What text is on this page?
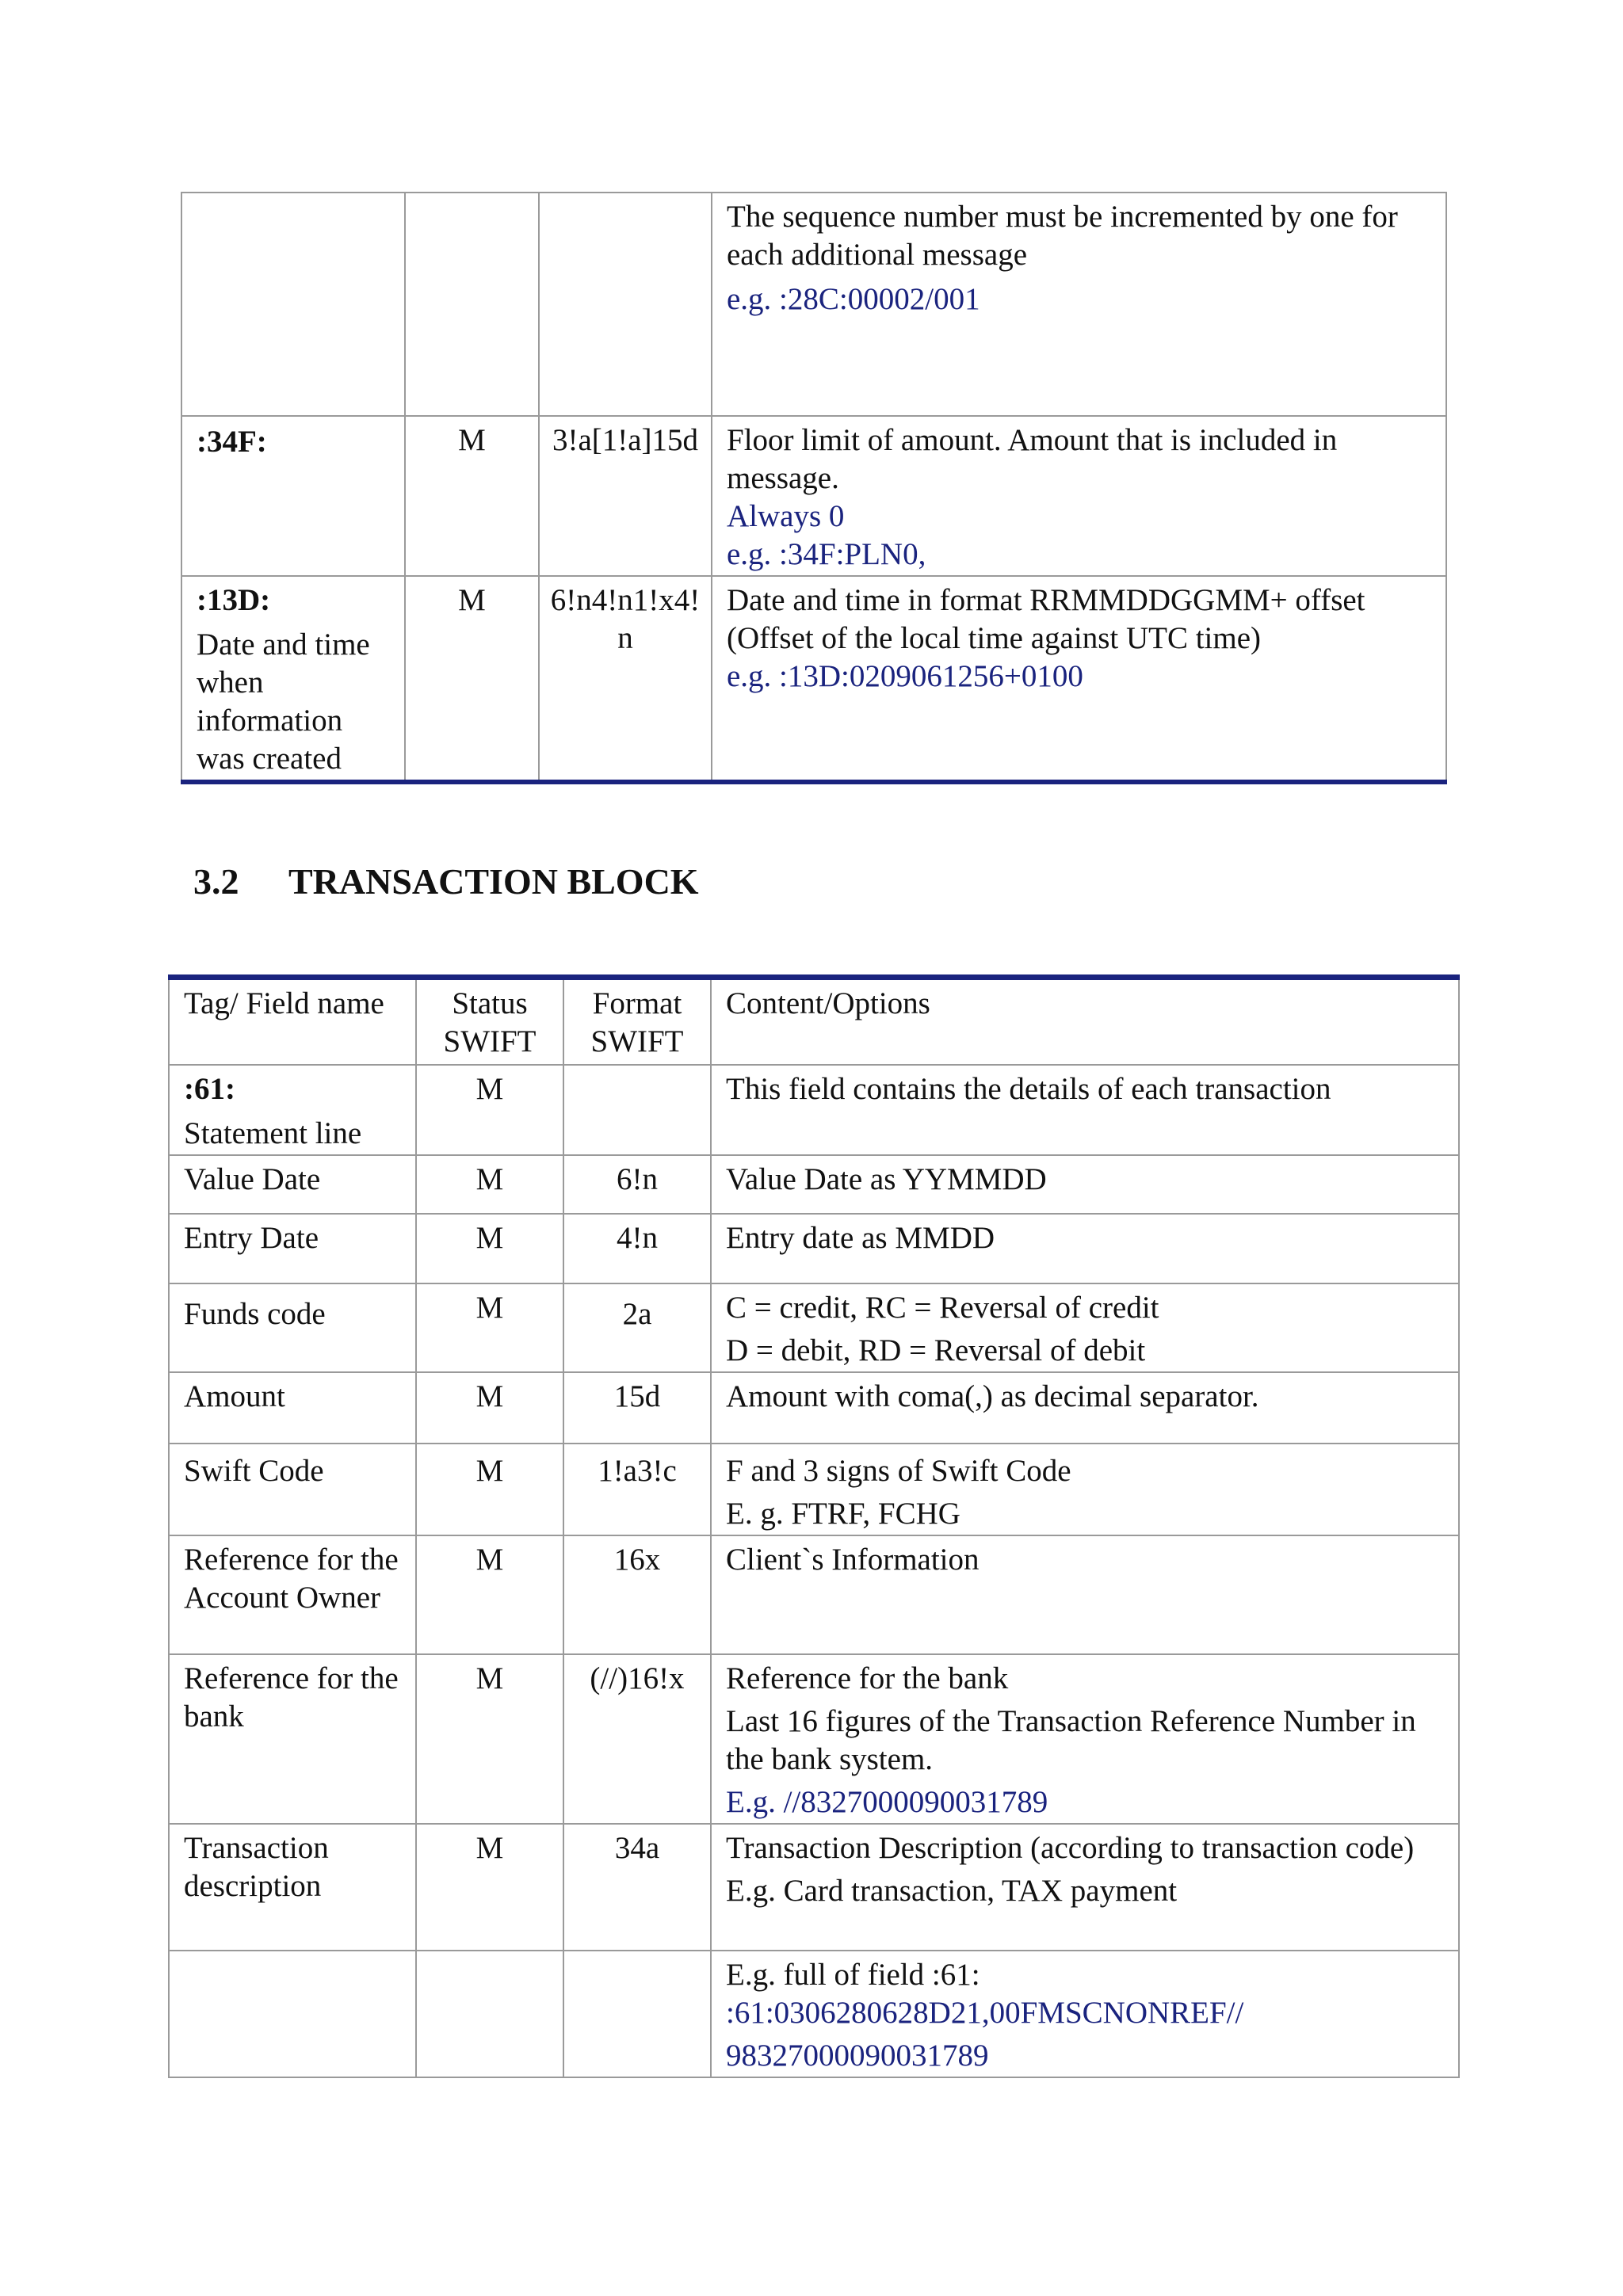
			The sequence number must be incremented by one for each additional message
e.g. :28C:00002/001

:34F:	M	3!a[1!a]15d	Floor limit of amount. Amount that is included in message.
Always 0
e.g. :34F:PLN0,

:13D:
Date and time when information was created	M	6!n4!n1!x4!n	Date and time in format RRMMDDGGMM+ offset (Offset of the local time against UTC time)
e.g. :13D:0209061256+0100
3.2 TRANSACTION BLOCK
Tag/ Field name	Status SWIFT	Format SWIFT	Content/Options

:61:
Statement line	M		This field contains the details of each transaction

Value Date	M	6!n	Value Date as YYMMDD
Entry Date	M	4!n	Entry date as MMDD
Funds code	M	2a	C = credit, RC = Reversal of credit
D = debit, RD = Reversal of debit

Amount	M	15d	Amount with coma(,) as decimal separator.
Swift Code	M	1!a3!c	F and 3 signs of Swift Code
E. g. FTRF, FCHG

Reference for the Account Owner	M	16x	Client`s Information
Reference for the bank	M	(//)16!x	Reference for the bank
Last 16 figures of the Transaction Reference Number in the bank system.
E.g. //8327000090031789

Transaction description	M	34a	Transaction Description (according to transaction code)
E.g. Card transaction, TAX payment

			E.g. full of field :61:
:61:0306280628D21,00FMSCNONREF//
98327000090031789
